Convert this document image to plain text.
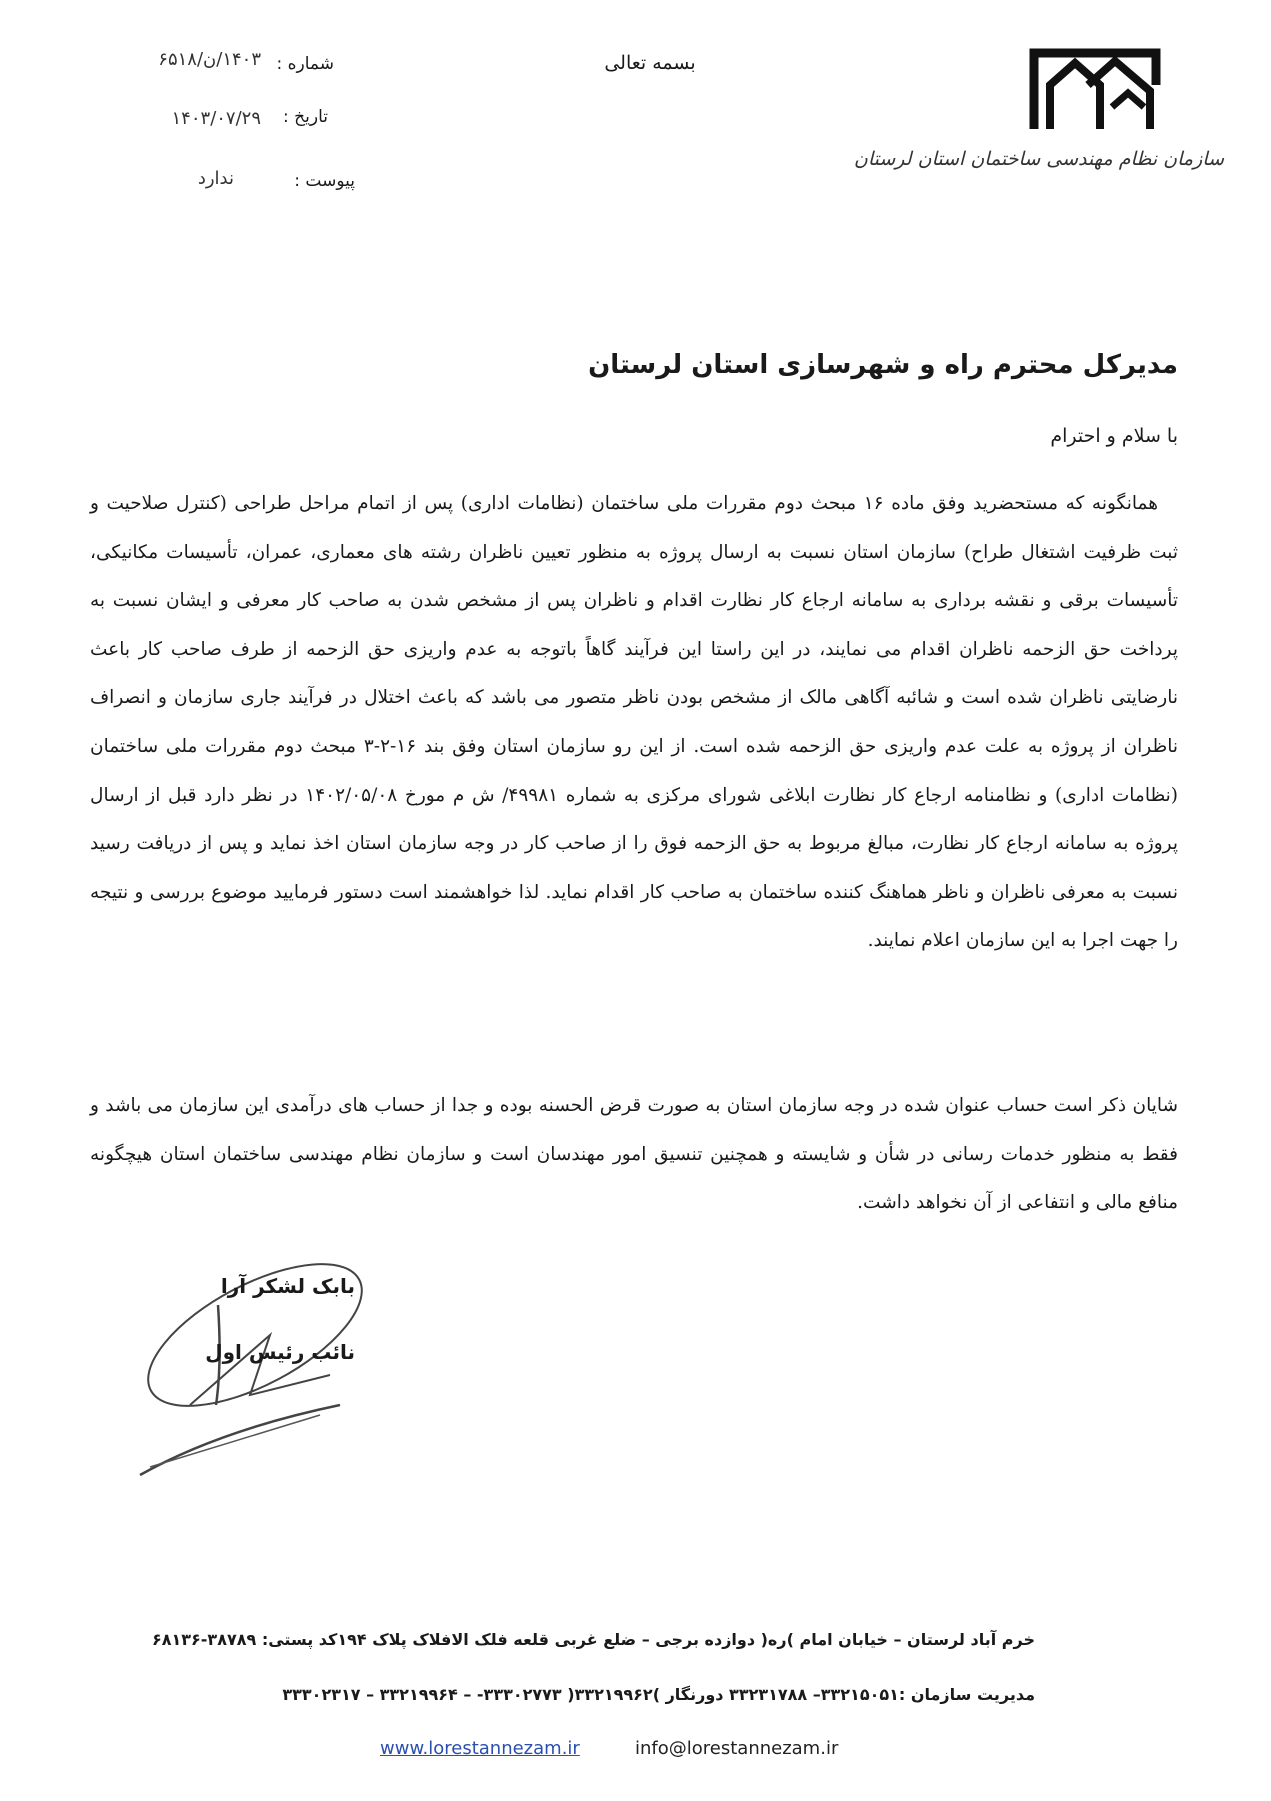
سازمان نظام مهندسی ساختمان استان لرستان
بسمه تعالی
شماره :
۱۴۰۳/ن/۶۵۱۸
تاریخ :
۱۴۰۳/۰۷/۲۹
پیوست :
ندارد
مدیرکل محترم راه و شهرسازی استان لرستان
با سلام و احترام
همانگونه که مستحضرید وفق ماده ۱۶ مبحث دوم مقررات ملی ساختمان (نظامات اداری) پس از اتمام مراحل طراحی (کنترل صلاحیت و ثبت ظرفیت اشتغال طراح) سازمان استان نسبت به ارسال پروژه به منظور تعیین ناظران رشته های معماری، عمران، تأسیسات مکانیکی، تأسیسات برقی و نقشه برداری به سامانه ارجاع کار نظارت اقدام و ناظران پس از مشخص شدن به صاحب کار معرفی و ایشان نسبت به پرداخت حق الزحمه ناظران اقدام می نمایند، در این راستا این فرآیند گاهاً باتوجه به عدم واریزی حق الزحمه از طرف صاحب کار باعث نارضایتی ناظران شده است و شائبه آگاهی مالک از مشخص بودن ناظر متصور می باشد که باعث اختلال در فرآیند جاری سازمان و انصراف ناظران از پروژه به علت عدم واریزی حق الزحمه شده است. از این رو سازمان استان وفق بند ۱۶-۲-۳ مبحث دوم مقررات ملی ساختمان (نظامات اداری) و نظامنامه ارجاع کار نظارت ابلاغی شورای مرکزی به شماره ۴۹۹۸۱/ ش م مورخ ۱۴۰۲/۰۵/۰۸ در نظر دارد قبل از ارسال پروژه به سامانه ارجاع کار نظارت، مبالغ مربوط به حق الزحمه فوق را از صاحب کار در وجه سازمان استان اخذ نماید و پس از دریافت رسید نسبت به معرفی ناظران و ناظر هماهنگ کننده ساختمان به صاحب کار اقدام نماید. لذا خواهشمند است دستور فرمایید موضوع بررسی و نتیجه را جهت اجرا به این سازمان اعلام نمایند.
شایان ذکر است حساب عنوان شده در وجه سازمان استان به صورت قرض الحسنه بوده و جدا از حساب های درآمدی این سازمان می باشد و فقط به منظور خدمات رسانی در شأن و شایسته و همچنین تنسیق امور مهندسان است و سازمان نظام مهندسی ساختمان استان هیچگونه منافع مالی و انتفاعی از آن نخواهد داشت.
بابک لشکر آرا
نائب رئیس اول
خرم آباد لرستان – خیابان امام )ره( دوازده برجی – ضلع غربی قلعه فلک الافلاک پلاک ۱۹۴کد پستی: ۳۸۷۸۹-۶۸۱۳۶
مدیریت سازمان :۳۳۲۱۵۰۵۱– ۳۳۲۳۱۷۸۸ دورنگار )۳۳۲۱۹۹۶۲( ۳۳۳۰۲۷۷۳- – ۳۳۲۱۹۹۶۴ – ۳۳۳۰۲۳۱۷
www.lorestannezam.ir	info@lorestannezam.ir
